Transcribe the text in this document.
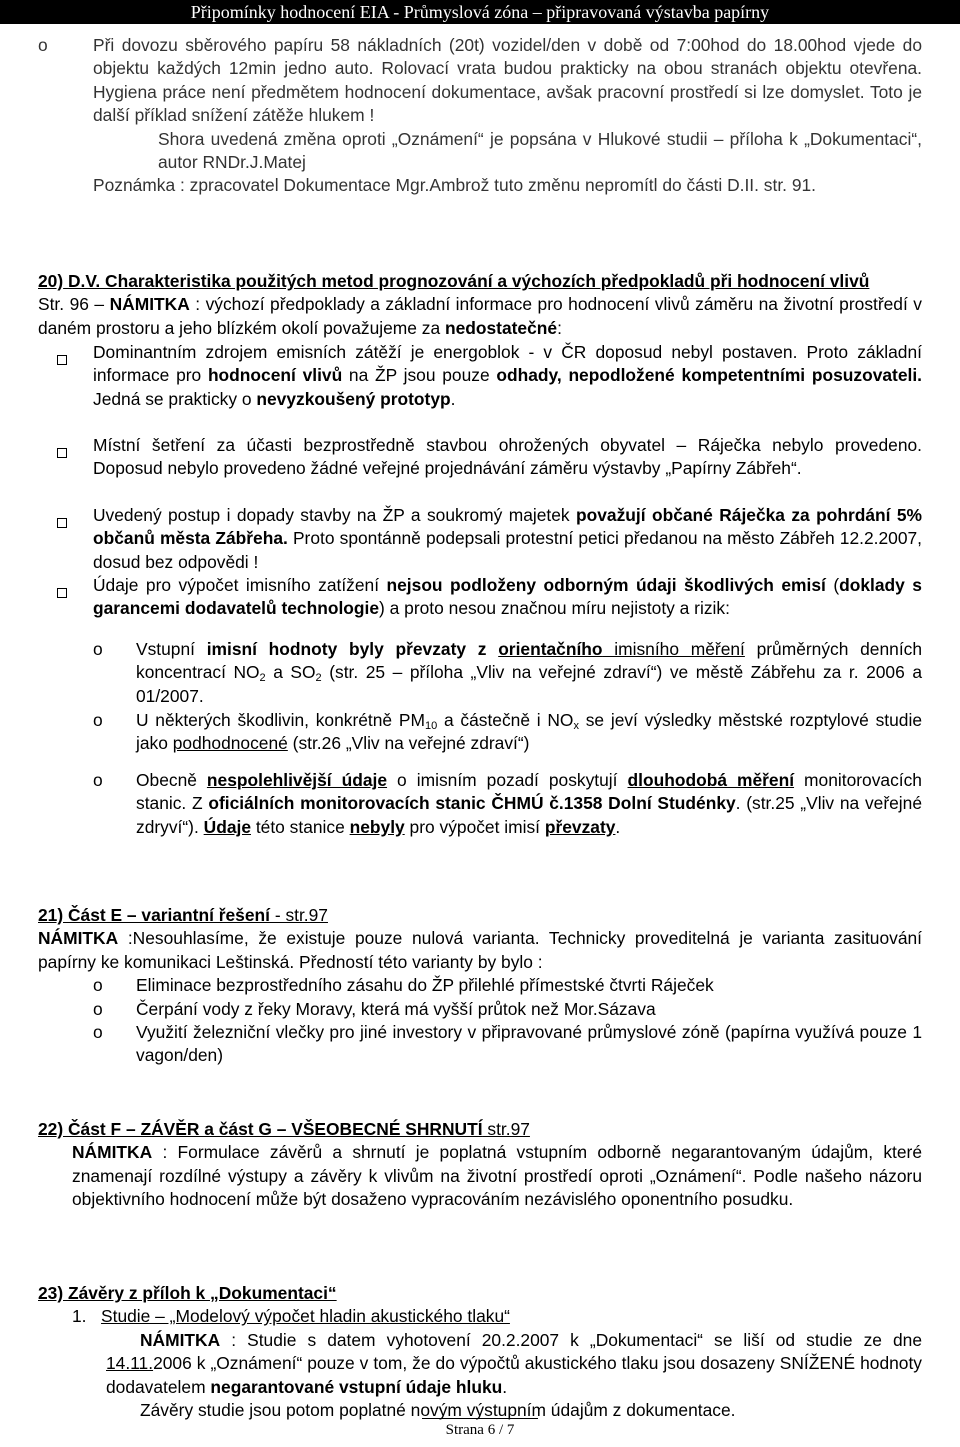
Připomínky hodnocení EIA - Průmyslová zóna – připravovaná výstavba papírny
o	Při dovozu sběrového papíru 58 nákladních (20t) vozidel/den v době od 7:00hod do 18.00hod vjede do objektu každých 12min jedno auto. Rolovací vrata budou prakticky na obou stranách objektu otevřena. Hygiena práce není předmětem hodnocení dokumentace, avšak pracovní prostředí si lze domyslet. Toto je další příklad snížení zátěže hlukem !
Shora uvedená změna oproti „Oznámení“ je popsána v Hlukové studii – příloha k „Dokumentaci“, autor RNDr.J.Matej
Poznámka : zpracovatel Dokumentace Mgr.Ambrož tuto změnu nepromítl do části D.II. str. 91.
20) D.V. Charakteristika použitých metod prognozování a výchozích předpokladů při hodnocení vlivů
Str. 96 – NÁMITKA : výchozí předpoklady a základní informace pro hodnocení vlivů záměru na životní prostředí v daném prostoru a jeho blízkém okolí považujeme za nedostatečné:
Dominantním zdrojem emisních zátěží je energoblok - v ČR doposud nebyl postaven. Proto základní informace pro hodnocení vlivů na ŽP jsou pouze odhady, nepodložené kompetentními posuzovateli. Jedná se prakticky o nevyzkoušený prototyp.
Místní šetření za účasti bezprostředně stavbou ohrožených obyvatel – Ráječka nebylo provedeno. Doposud nebylo provedeno žádné veřejné projednávání záměru výstavby „Papírny Zábřeh“.
Uvedený postup i dopady stavby na ŽP a soukromý majetek považují občané Ráječka za pohrdání 5% občanů města Zábřeha. Proto spontánně podepsali protestní petici předanou na město Zábřeh 12.2.2007, dosud bez odpovědi !
Údaje pro výpočet imisního zatížení nejsou podloženy odborným údaji škodlivých emisí (doklady s garancemi dodavatelů technologie) a proto nesou značnou míru nejistoty a rizik:
o Vstupní imisní hodnoty byly převzaty z orientačního imisního měření průměrných denních koncentrací $NO_2$ a $SO_2$ (str. 25 – příloha „Vliv na veřejné zdraví“) ve městě Zábřehu za r. 2006 a 01/2007.
o U některých škodlivin, konkrétně $PM_{10}$ a částečně i $NO_x$ se jeví výsledky městské rozptylové studie jako podhodnocené (str.26 „Vliv na veřejné zdraví“)
o Obecně nespolehlivější údaje o imisním pozadí poskytují dlouhodobá měření monitorovacích stanic. Z oficiálních monitorovacích stanic ČHMÚ č.1358 Dolní Studénky. (str.25 „Vliv na veřejné zdryví“). Údaje této stanice nebyly pro výpočet imisí převzaty.
21) Část E – variantní řešení - str.97
NÁMITKA :Nesouhlasíme, že existuje pouze nulová varianta. Technicky proveditelná je varianta zasituování papírny ke komunikaci Leštinská. Předností této varianty by bylo :
o Eliminace bezprostředního zásahu do ŽP přilehlé přímestské čtvrti Ráječek
o Čerpání vody z řeky Moravy, která má vyšší průtok než Mor.Sázava
o Využití železniční vlečky pro jiné investory v připravované průmyslové zóně (papírna využívá pouze 1 vagon/den)
22) Část F – ZÁVĚR a část G – VŠEOBECNÉ SHRNUTÍ str.97
NÁMITKA : Formulace závěrů a shrnutí je poplatná vstupním odborně negarantovaným údajům, které znamenají rozdílné výstupy a závěry k vlivům na životní prostředí oproti „Oznámení“. Podle našeho názoru objektivního hodnocení může být dosaženo vypracováním nezávislého oponentního posudku.
23) Závěry z příloh k „Dokumentaci“
1. Studie – „Modelový výpočet hladin akustického tlaku“
NÁMITKA : Studie s datem vyhotovení 20.2.2007 k „Dokumentaci“ se liší od studie ze dne 14.11.2006 k „Oznámení“ pouze v tom, že do výpočtů akustického tlaku jsou dosazeny SNÍŽENÉ hodnoty dodavatelem negarantované vstupní údaje hluku.
Závěry studie jsou potom poplatné novým výstupním údajům z dokumentace.
Strana 6 / 7
